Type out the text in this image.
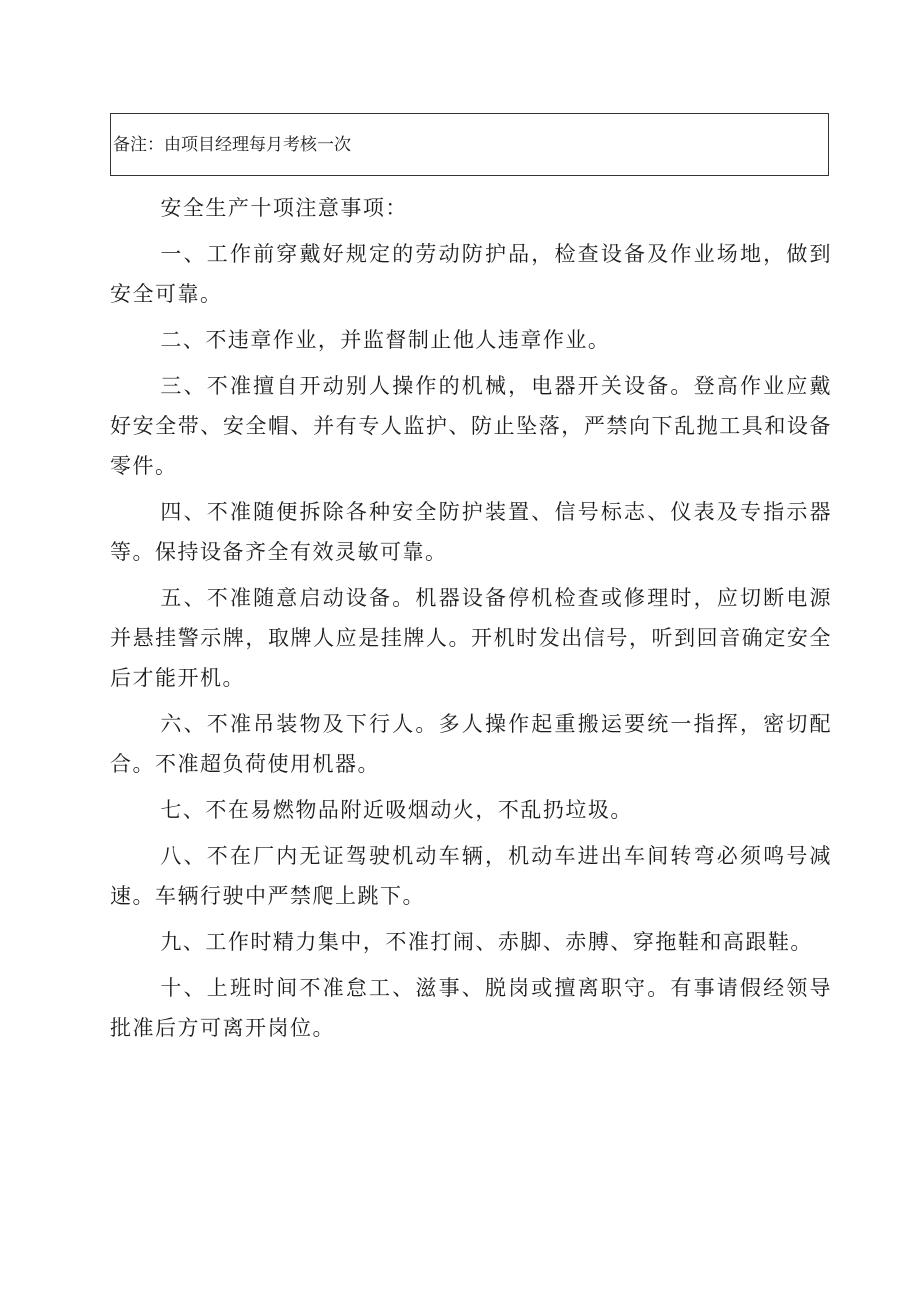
备注：由项目经理每月考核一次

安全生产十项注意事项：

一、工作前穿戴好规定的劳动防护品，检查设备及作业场地，做到安全可靠。

二、不违章作业，并监督制止他人违章作业。

三、不准擅自开动别人操作的机械，电器开关设备。登高作业应戴好安全带、安全帽、并有专人监护、防止坠落，严禁向下乱抛工具和设备零件。

四、不准随便拆除各种安全防护装置、信号标志、仪表及专指示器等。保持设备齐全有效灵敏可靠。

五、不准随意启动设备。机器设备停机检查或修理时，应切断电源并悬挂警示牌，取牌人应是挂牌人。开机时发出信号，听到回音确定安全后才能开机。

六、不准吊装物及下行人。多人操作起重搬运要统一指挥，密切配合。不准超负荷使用机器。

七、不在易燃物品附近吸烟动火，不乱扔垃圾。

八、不在厂内无证驾驶机动车辆，机动车进出车间转弯必须鸣号减速。车辆行驶中严禁爬上跳下。

九、工作时精力集中，不准打闹、赤脚、赤膊、穿拖鞋和高跟鞋。

十、上班时间不准怠工、滋事、脱岗或擅离职守。有事请假经领导批准后方可离开岗位。
